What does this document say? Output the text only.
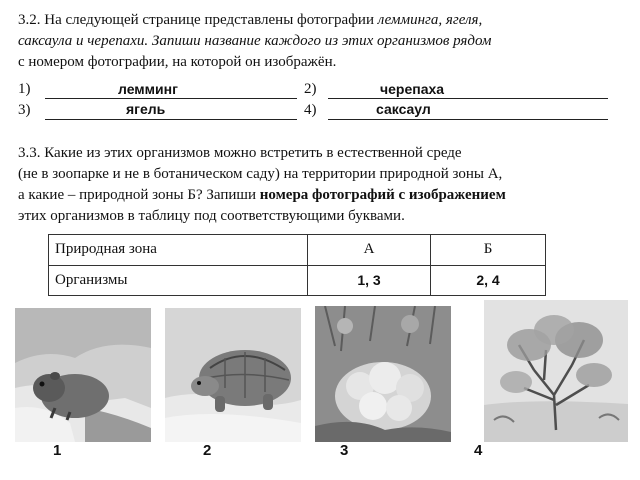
3.2. На следующей странице представлены фотографии лемминга, ягеля,
саксаула и черепахи. Запиши название каждого из этих организмов рядом
с номером фотографии, на которой он изображён.
1)	лемминг	2)	черепаха
3)	ягель	4)	саксаул
3.3. Какие из этих организмов можно встретить в естественной среде
(не в зоопарке и не в ботаническом саду) на территории природной зоны А,
а какие – природной зоны Б? Запиши номера фотографий с изображением
этих организмов в таблицу под соответствующими буквами.
Природная зона	А	Б
Организмы	1, 3	2, 4
1	2	3	4
